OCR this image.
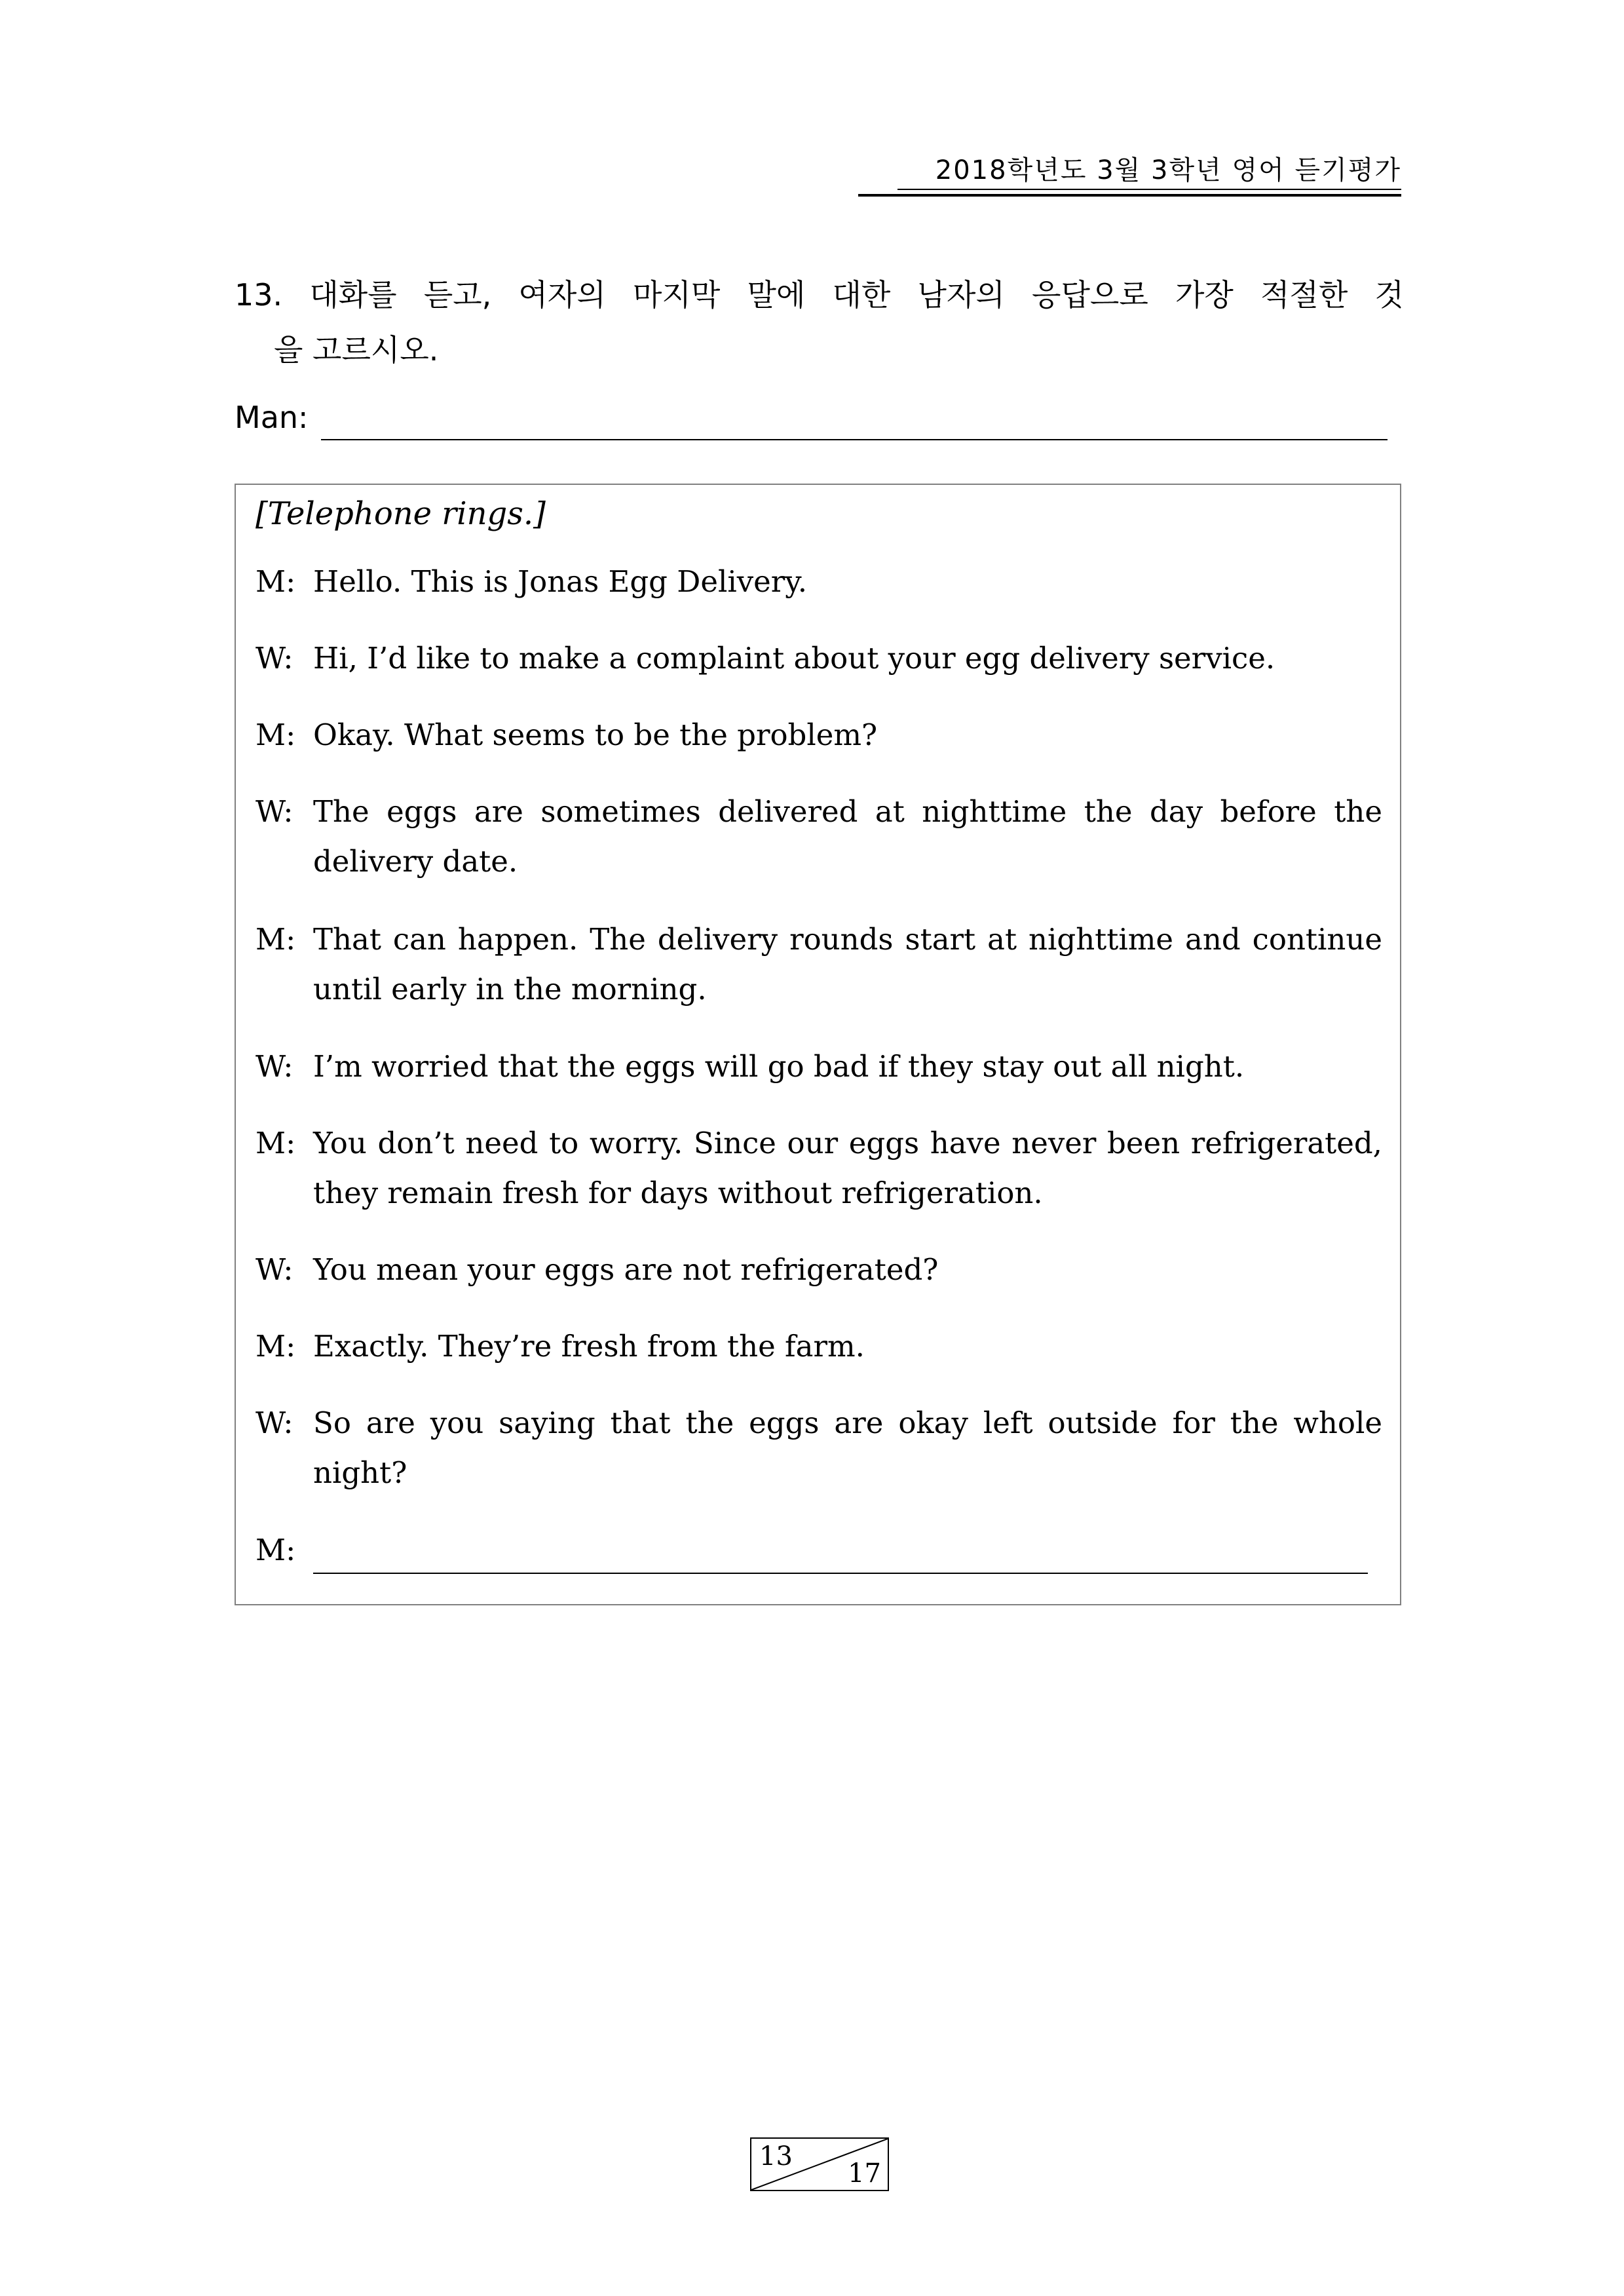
2018학년도 3월 3학년 영어 듣기평가
13. 대화를 듣고, 여자의 마지막 말에 대한 남자의 응답으로 가장 적절한 것
을 고르시오.
Man:
[Telephone rings.]
M: Hello. This is Jonas Egg Delivery.
W: Hi, I’d like to make a complaint about your egg delivery service.
M: Okay. What seems to be the problem?
W: The eggs are sometimes delivered at nighttime the day before the delivery date.
M: That can happen. The delivery rounds start at nighttime and continue until early in the morning.
W: I’m worried that the eggs will go bad if they stay out all night.
M: You don’t need to worry. Since our eggs have never been refrigerated, they remain fresh for days without refrigeration.
W: You mean your eggs are not refrigerated?
M: Exactly. They’re fresh from the farm.
W: So are you saying that the eggs are okay left outside for the whole night?
M:
13
17
